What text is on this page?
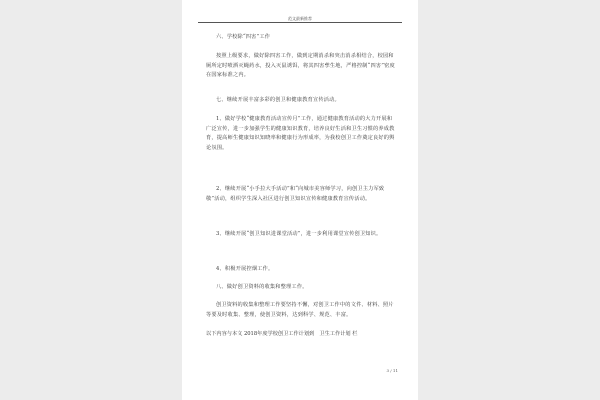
范文最新推荐

六、学校除“四害”工作

按照上级要求，做好除四害工作，做到定期消杀和突击消杀相结合，校园和厕所定时喷洒灭蝇药水，投入灭鼠诱饵，将其四害孳生地，严格控制“四害”密度在国家标准之内。

七、继续开展丰富多彩的创卫和健康教育宣传活动。

1、做好学校“健康教育活动宣传月”工作，通过健康教育活动的大力开展和广泛宣传，进一步加强学生的健康知识教育，培养良好生活和卫生习惯的养成教育，提高师生健康知识知晓率和健康行为形成率，为我校创卫工作奠定良好的舆论氛围。

2、继续开展“小手拉大手活动”和“向城市美容师学习，向创卫主力军致敬”活动，组织学生深入社区进行创卫知识宣传和健康教育宣传活动。

3、继续开展“创卫知识进课堂活动”，进一步利用课堂宣传创卫知识。

4、积极开展控烟工作。

八、做好创卫资料的收集和整理工作。

创卫资料的收集和整理工作要坚持不懈，对创卫工作中的文件、材料、照片等要及时收集、整理，使创卫资料，达到科学、规范、丰富。

以下内容与本文 2018年度学校创卫工作计划到　卫生工作计划 栏
3 / 11
